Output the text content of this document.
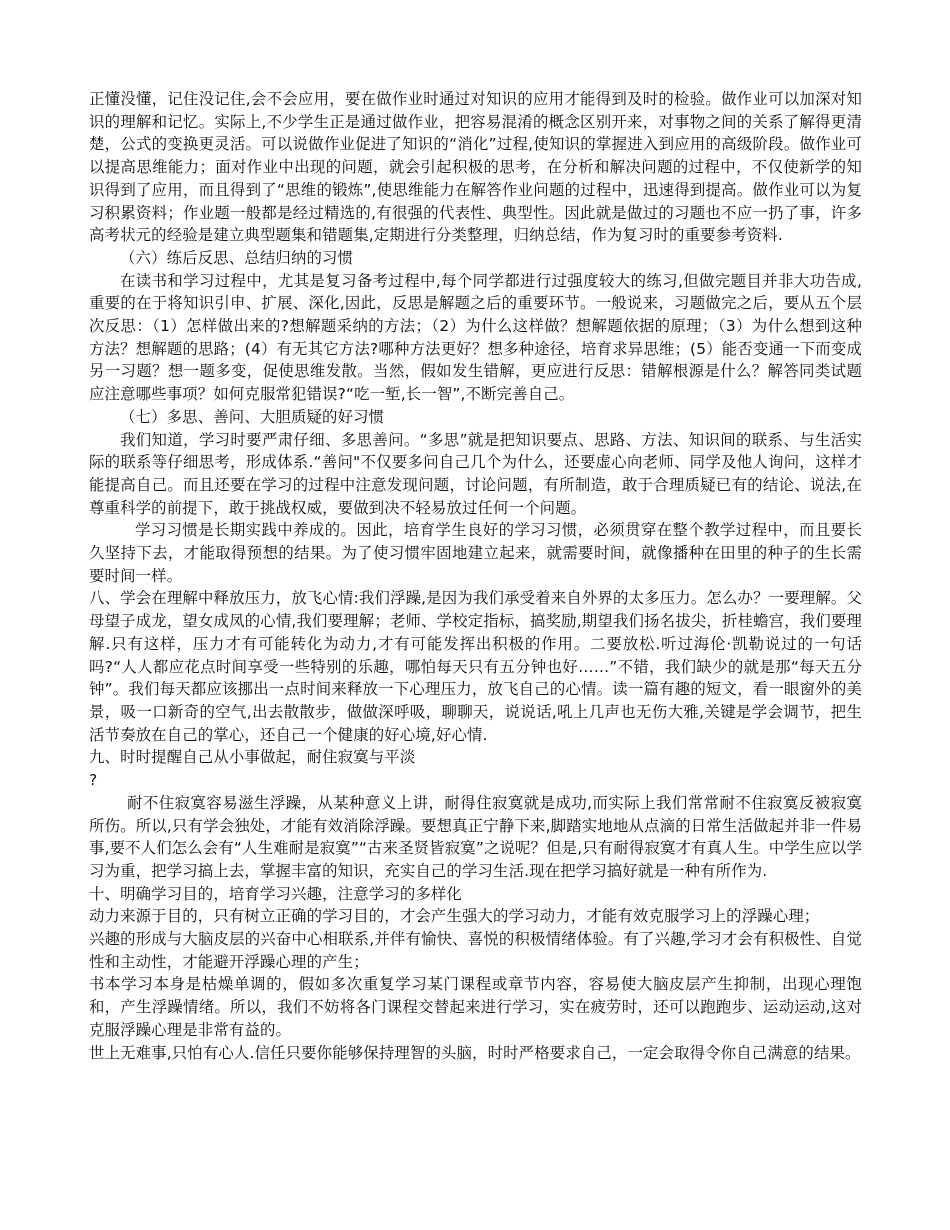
正懂没懂，记住没记住,会不会应用，要在做作业时通过对知识的应用才能得到及时的检验。做作业可以加深对知识的理解和记忆。实际上,不少学生正是通过做作业，把容易混淆的概念区别开来，对事物之间的关系了解得更清楚，公式的变换更灵活。可以说做作业促进了知识的“消化”过程,使知识的掌握进入到应用的高级阶段。做作业可以提高思维能力；面对作业中出现的问题，就会引起积极的思考，在分析和解决问题的过程中，不仅使新学的知识得到了应用，而且得到了“思维的锻炼”,使思维能力在解答作业问题的过程中，迅速得到提高。做作业可以为复习积累资料；作业题一般都是经过精选的,有很强的代表性、典型性。因此就是做过的习题也不应一扔了事，许多高考状元的经验是建立典型题集和错题集,定期进行分类整理，归纳总结，作为复习时的重要参考资料.

（六）练后反思、总结归纳的习惯

在读书和学习过程中，尤其是复习备考过程中,每个同学都进行过强度较大的练习,但做完题目并非大功告成,重要的在于将知识引申、扩展、深化,因此，反思是解题之后的重要环节。一般说来，习题做完之后，要从五个层次反思：（1）怎样做出来的?想解题采纳的方法；（2）为什么这样做？想解题依据的原理；（3）为什么想到这种方法？想解题的思路；(4）有无其它方法?哪种方法更好？想多种途径，培育求异思维；(5）能否变通一下而变成另一习题？想一题多变，促使思维发散。当然，假如发生错解，更应进行反思：错解根源是什么？解答同类试题应注意哪些事项？如何克服常犯错误?“吃一堑,长一智”,不断完善自己。

（七）多思、善问、大胆质疑的好习惯

我们知道，学习时要严肃仔细、多思善问。“多思”就是把知识要点、思路、方法、知识间的联系、与生活实际的联系等仔细思考，形成体系.“善问"不仅要多问自己几个为什么，还要虚心向老师、同学及他人询问，这样才能提高自己。而且还要在学习的过程中注意发现问题，讨论问题，有所制造，敢于合理质疑已有的结论、说法,在尊重科学的前提下，敢于挑战权威，要做到决不轻易放过任何一个问题。

学习习惯是长期实践中养成的。因此，培育学生良好的学习习惯，必须贯穿在整个教学过程中，而且要长久坚持下去，才能取得预想的结果。为了使习惯牢固地建立起来，就需要时间，就像播种在田里的种子的生长需要时间一样。

八、学会在理解中释放压力，放飞心情:我们浮躁,是因为我们承受着来自外界的太多压力。怎么办？一要理解。父母望子成龙，望女成凤的心情,我们要理解；老师、学校定指标，搞奖励,期望我们扬名拔尖，折桂蟾宫，我们要理解.只有这样，压力才有可能转化为动力,才有可能发挥出积极的作用。二要放松.听过海伦·凯勒说过的一句话吗?“人人都应花点时间享受一些特别的乐趣，哪怕每天只有五分钟也好……”不错，我们缺少的就是那“每天五分钟”。我们每天都应该挪出一点时间来释放一下心理压力，放飞自己的心情。读一篇有趣的短文，看一眼窗外的美景，吸一口新奇的空气,出去散散步，做做深呼吸，聊聊天，说说话,吼上几声也无伤大雅,关键是学会调节，把生活节奏放在自己的掌心，还自己一个健康的好心境,好心情.

九、时时提醒自己从小事做起，耐住寂寞与平淡

?

耐不住寂寞容易滋生浮躁，从某种意义上讲，耐得住寂寞就是成功,而实际上我们常常耐不住寂寞反被寂寞所伤。所以,只有学会独处，才能有效消除浮躁。要想真正宁静下来,脚踏实地地从点滴的日常生活做起并非一件易事,要不人们怎么会有“人生难耐是寂寞”“古来圣贤皆寂寞”之说呢？但是,只有耐得寂寞才有真人生。中学生应以学习为重，把学习搞上去，掌握丰富的知识，充实自己的学习生活.现在把学习搞好就是一种有所作为.

十、明确学习目的，培育学习兴趣，注意学习的多样化

动力来源于目的，只有树立正确的学习目的，才会产生强大的学习动力，才能有效克服学习上的浮躁心理；

兴趣的形成与大脑皮层的兴奋中心相联系,并伴有愉快、喜悦的积极情绪体验。有了兴趣,学习才会有积极性、自觉性和主动性，才能避开浮躁心理的产生；

书本学习本身是枯燥单调的，假如多次重复学习某门课程或章节内容，容易使大脑皮层产生抑制，出现心理饱和，产生浮躁情绪。所以，我们不妨将各门课程交替起来进行学习，实在疲劳时，还可以跑跑步、运动运动,这对克服浮躁心理是非常有益的。

世上无难事,只怕有心人.信任只要你能够保持理智的头脑，时时严格要求自己，一定会取得令你自己满意的结果。
